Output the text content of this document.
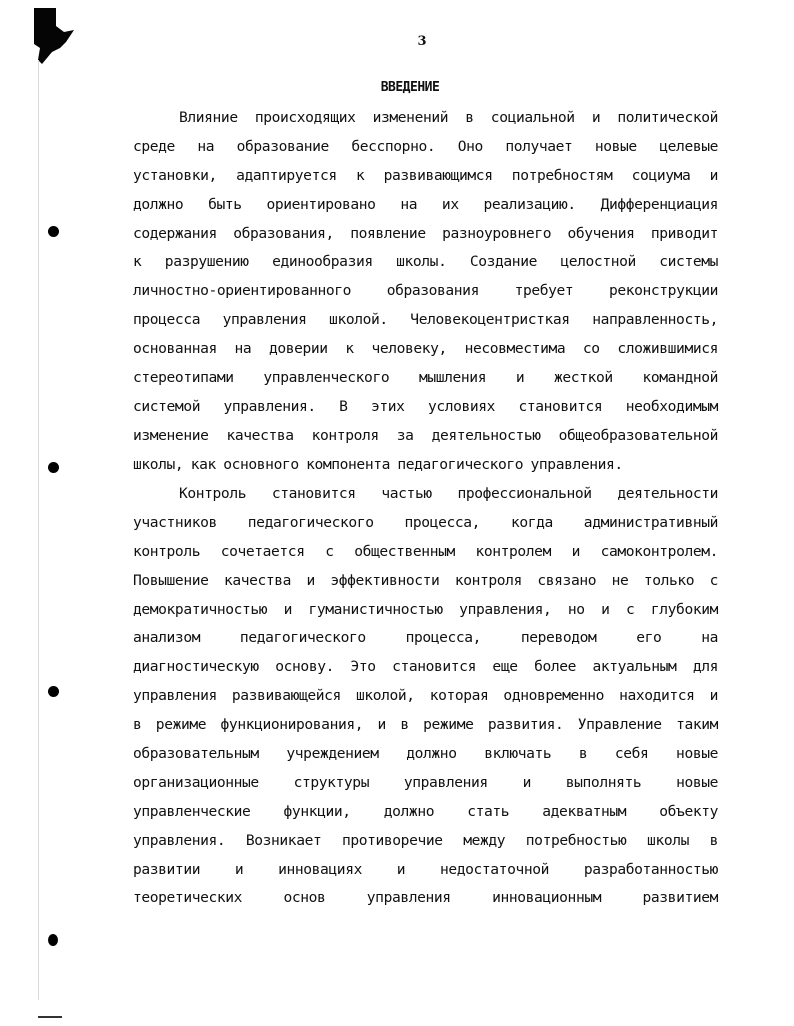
3
ВВЕДЕНИЕ

Влияние происходящих изменений в социальной и политической
среде на образование бесспорно. Оно получает новые целевые
установки, адаптируется к развивающимся потребностям социума и
должно быть ориентировано на их реализацию. Дифференциация
содержания образования, появление разноуровнего обучения приводит
к разрушению единообразия школы. Создание целостной системы
личностно-ориентированного образования требует реконструкции
процесса управления школой. Человекоцентристкая направленность,
основанная на доверии к человеку, несовместима со сложившимися
стереотипами управленческого мышления и жесткой командной
системой управления. В этих условиях становится необходимым
изменение качества контроля за деятельностью общеобразовательной
школы, как основного компонента педагогического управления.

Контроль становится частью профессиональной деятельности
участников педагогического процесса, когда административный
контроль сочетается с общественным контролем и самоконтролем.
Повышение качества и эффективности контроля связано не только с
демократичностью и гуманистичностью управления, но и с глубоким
анализом педагогического процесса, переводом его на
диагностическую основу. Это становится еще более актуальным для
управления развивающейся школой, которая одновременно находится и
в режиме функционирования, и в режиме развития. Управление таким
образовательным учреждением должно включать в себя новые
организационные структуры управления и выполнять новые
управленческие функции, должно стать адекватным объекту
управления. Возникает противоречие между потребностью школы в
развитии и инновациях и недостаточной разработанностью
теоретических основ управления инновационным развитием
